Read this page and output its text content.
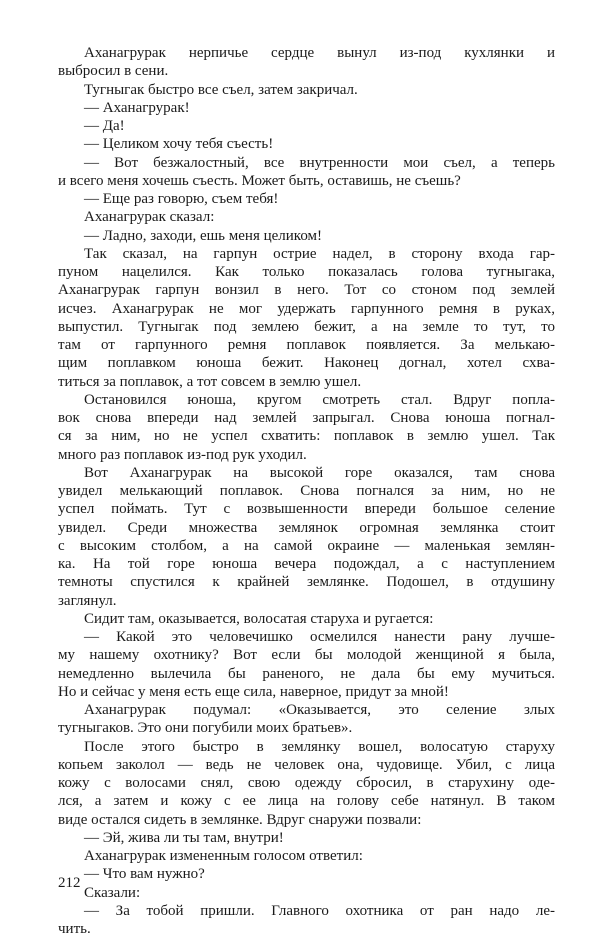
Аханагрурак нерпичье сердце вынул из-под кухлянки и
выбросил в сени.
Тугныгак быстро все съел, затем закричал.
— Аханагрурак!
— Да!
— Целиком хочу тебя съесть!
— Вот безжалостный, все внутренности мои съел, а теперь
и всего меня хочешь съесть. Может быть, оставишь, не съешь?
— Еще раз говорю, съем тебя!
Аханагрурак сказал:
— Ладно, заходи, ешь меня целиком!
Так сказал, на гарпун острие надел, в сторону входа гар-
пуном нацелился. Как только показалась голова тугныгака,
Аханагрурак гарпун вонзил в него. Тот со стоном под землей
исчез. Аханагрурак не мог удержать гарпунного ремня в руках,
выпустил. Тугныгак под землею бежит, а на земле то тут, то
там от гарпунного ремня поплавок появляется. За мелькаю-
щим поплавком юноша бежит. Наконец догнал, хотел схва-
титься за поплавок, а тот совсем в землю ушел.
Остановился юноша, кругом смотреть стал. Вдруг попла-
вок снова впереди над землей запрыгал. Снова юноша погнал-
ся за ним, но не успел схватить: поплавок в землю ушел. Так
много раз поплавок из-под рук уходил.
Вот Аханагрурак на высокой горе оказался, там снова
увидел мелькающий поплавок. Снова погнался за ним, но не
успел поймать. Тут с возвышенности впереди большое селение
увидел. Среди множества землянок огромная землянка стоит
с высоким столбом, а на самой окраине — маленькая землян-
ка. На той горе юноша вечера подождал, а с наступлением
темноты спустился к крайней землянке. Подошел, в отдушину
заглянул.
Сидит там, оказывается, волосатая старуха и ругается:
— Какой это человечишко осмелился нанести рану лучше-
му нашему охотнику? Вот если бы молодой женщиной я была,
немедленно вылечила бы раненого, не дала бы ему мучиться.
Но и сейчас у меня есть еще сила, наверное, придут за мной!
Аханагрурак подумал: «Оказывается, это селение злых
тугныгаков. Это они погубили моих братьев».
После этого быстро в землянку вошел, волосатую старуху
копьем заколол — ведь не человек она, чудовище. Убил, с лица
кожу с волосами снял, свою одежду сбросил, в старухину оде-
лся, а затем и кожу с ее лица на голову себе натянул. В таком
виде остался сидеть в землянке. Вдруг снаружи позвали:
— Эй, жива ли ты там, внутри!
Аханагрурак измененным голосом ответил:
— Что вам нужно?
Сказали:
— За тобой пришли. Главного охотника от ран надо ле-
чить.
212
